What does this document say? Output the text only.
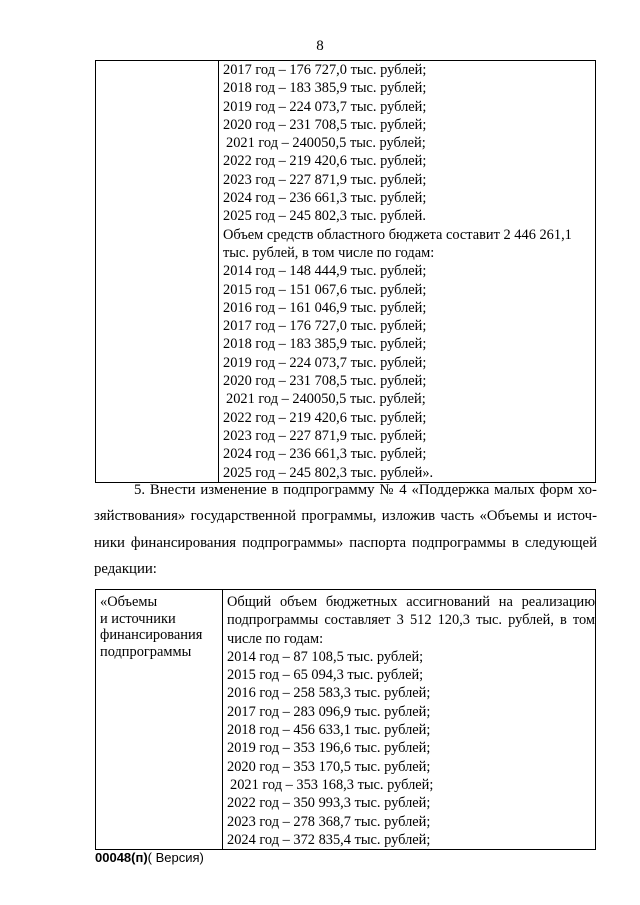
8

2017 год – 176 727,0 тыс. рублей;
2018 год – 183 385,9 тыс. рублей;
2019 год – 224 073,7 тыс. рублей;
2020 год – 231 708,5 тыс. рублей;
2021 год – 240050,5 тыс. рублей;
2022 год – 219 420,6 тыс. рублей;
2023 год – 227 871,9 тыс. рублей;
2024 год – 236 661,3 тыс. рублей;
2025 год – 245 802,3 тыс. рублей.
Объем средств областного бюджета составит 2 446 261,1
тыс. рублей, в том числе по годам:
2014 год – 148 444,9 тыс. рублей;
2015 год – 151 067,6 тыс. рублей;
2016 год – 161 046,9 тыс. рублей;
2017 год – 176 727,0 тыс. рублей;
2018 год – 183 385,9 тыс. рублей;
2019 год – 224 073,7 тыс. рублей;
2020 год – 231 708,5 тыс. рублей;
2021 год – 240050,5 тыс. рублей;
2022 год – 219 420,6 тыс. рублей;
2023 год – 227 871,9 тыс. рублей;
2024 год – 236 661,3 тыс. рублей;
2025 год – 245 802,3 тыс. рублей».
5. Внести изменение в подпрограмму № 4 «Поддержка малых форм хо-
зяйствования» государственной программы, изложив часть «Объемы и источ-
ники финансирования подпрограммы» паспорта подпрограммы в следующей
редакции:
«Объемы
и источники
финансирования
подпрограммы

Общий объем бюджетных ассигнований на реализацию
подпрограммы составляет 3 512 120,3 тыс. рублей, в том
числе по годам:
2014 год – 87 108,5 тыс. рублей;
2015 год – 65 094,3 тыс. рублей;
2016 год – 258 583,3 тыс. рублей;
2017 год – 283 096,9 тыс. рублей;
2018 год – 456 633,1 тыс. рублей;
2019 год – 353 196,6 тыс. рублей;
2020 год – 353 170,5 тыс. рублей;
2021 год – 353 168,3 тыс. рублей;
2022 год – 350 993,3 тыс. рублей;
2023 год – 278 368,7 тыс. рублей;
2024 год – 372 835,4 тыс. рублей;
00048(п)( Версия)
